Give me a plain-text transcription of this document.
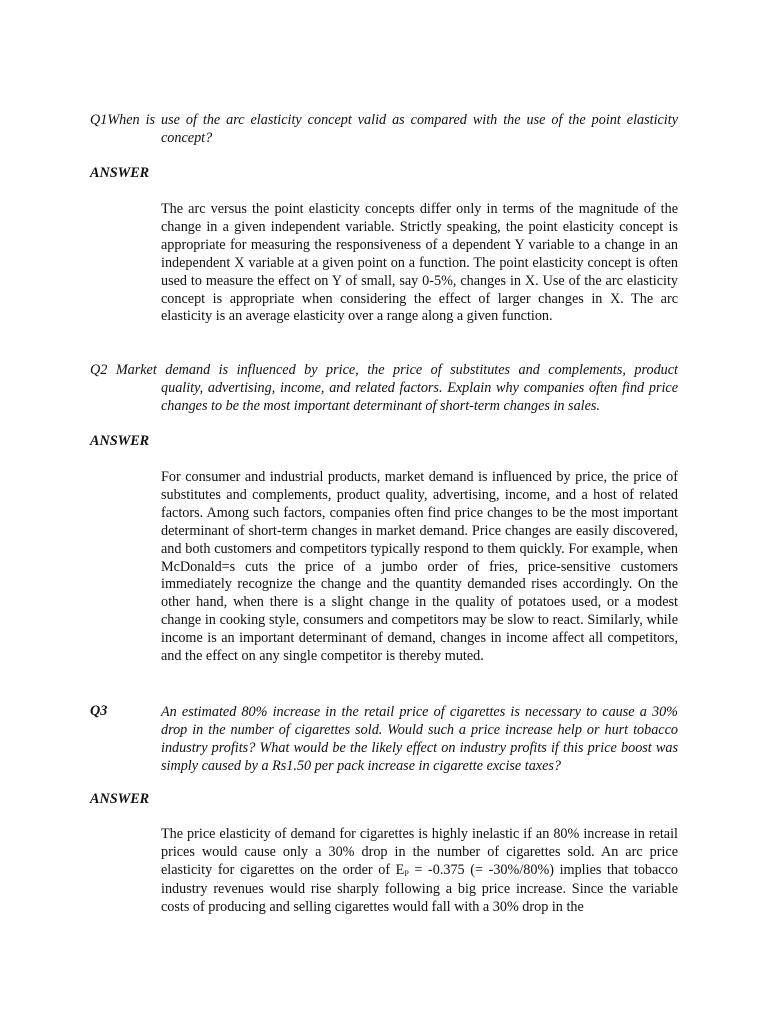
Q1When is use of the arc elasticity concept valid as compared with the use of the point elasticity
concept?
ANSWER
The arc versus the point elasticity concepts differ only in terms of the magnitude of the change in a given independent variable. Strictly speaking, the point elasticity concept is appropriate for measuring the responsiveness of a dependent Y variable to a change in an independent X variable at a given point on a function. The point elasticity concept is often used to measure the effect on Y of small, say 0-5%, changes in X. Use of the arc elasticity concept is appropriate when considering the effect of larger changes in X. The arc elasticity is an average elasticity over a range along a given function.
Q2 Market demand is influenced by price, the price of substitutes and complements, product
quality, advertising, income, and related factors. Explain why companies often find price changes to be the most important determinant of short-term changes in sales.
ANSWER
For consumer and industrial products, market demand is influenced by price, the price of substitutes and complements, product quality, advertising, income, and a host of related factors. Among such factors, companies often find price changes to be the most important determinant of short-term changes in market demand. Price changes are easily discovered, and both customers and competitors typically respond to them quickly. For example, when McDonald=s cuts the price of a jumbo order of fries, price-sensitive customers immediately recognize the change and the quantity demanded rises accordingly. On the other hand, when there is a slight change in the quality of potatoes used, or a modest change in cooking style, consumers and competitors may be slow to react. Similarly, while income is an important determinant of demand, changes in income affect all competitors, and the effect on any single competitor is thereby muted.
Q3	An estimated 80% increase in the retail price of cigarettes is necessary to cause a 30% drop in the number of cigarettes sold. Would such a price increase help or hurt tobacco industry profits? What would be the likely effect on industry profits if this price boost was simply caused by a Rs1.50 per pack increase in cigarette excise taxes?
ANSWER
The price elasticity of demand for cigarettes is highly inelastic if an 80% increase in retail prices would cause only a 30% drop in the number of cigarettes sold. An arc price elasticity for cigarettes on the order of $E_P = -0.375$ (= -30%/80%) implies that tobacco industry revenues would rise sharply following a big price increase. Since the variable costs of producing and selling cigarettes would fall with a 30% drop in the
